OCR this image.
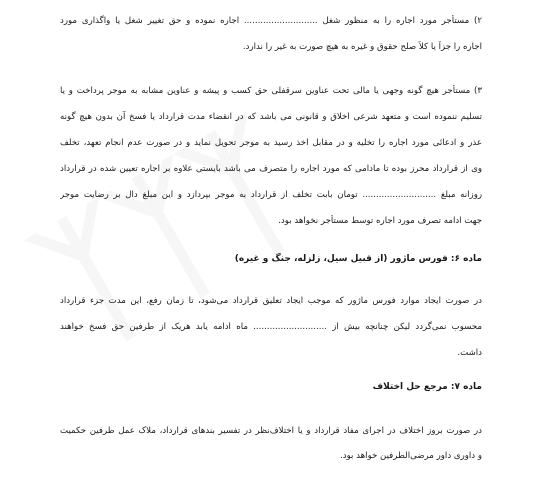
۲) مستأجر مورد اجاره را به منظور شغل ........................... اجاره نموده و حق تغییر شغل یا واگذاری مورد
اجاره را جزاً یا کلاً صلح حقوق و غیره به هیچ صورت به غیر را ندارد.
۳) مستأجر هیچ گونه وجهی یا مالی تحت عناوین سرقفلی حق کسب و پیشه و عناوین مشابه به موجر پرداخت و یا
تسلیم ننموده است و متعهد شرعی اخلاق و قانونی می باشد که در انقضاء مدت قرارداد یا فسخ آن بدون هیچ گونه
عذر و ادعائی مورد اجاره را تخلیه و در مقابل اخذ رسید به موجر تحویل نماید و در صورت عدم انجام تعهد، تخلف
وی از قرارداد محرز بوده تا مادامی که مورد اجاره را متصرف می باشد بایستی علاوه بر اجاره تعیین شده در قرارداد
روزانه مبلغ ........................... تومان بابت تخلف از قرارداد به موجر بپردازد و این مبلغ دال بر رضایت موجر
جهت ادامه تصرف مورد اجاره توسط مستأجر نخواهد بود.
ماده ۶: فورس ماژور (از قبیل سیل، زلزله، جنگ و غیره)
در صورت ایجاد موارد فورس ماژور که موجب ایجاد تعلیق قرارداد می‌شود، تا زمان رفع، این مدت جزء قرارداد
محسوب نمی‌گردد لیکن چنانچه بیش از ........................... ماه ادامه یابد هریک از طرفین حق فسخ خواهند
داشت.
ماده ۷: مرجع حل اختلاف
در صورت بروز اختلاف در اجرای مفاد قرارداد و یا اختلاف‌نظر در تفسیر بندهای قرارداد، ملاک عمل طرفین حکمیت
و داوری داور مرضی‌الطرفین خواهد بود.
